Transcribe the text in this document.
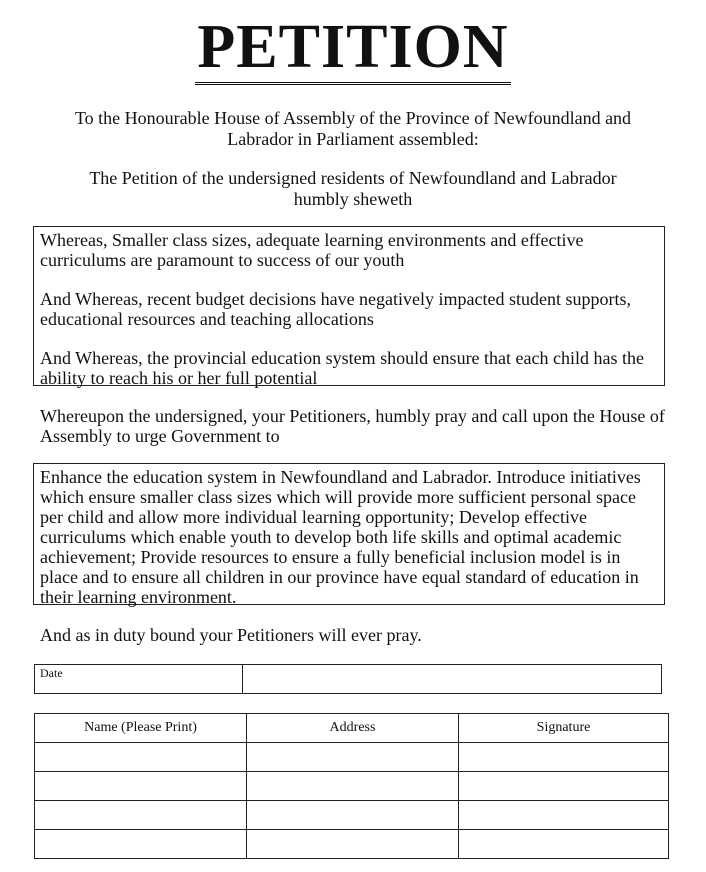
PETITION
To the Honourable House of Assembly of the Province of Newfoundland and
Labrador in Parliament assembled:
The Petition of the undersigned residents of Newfoundland and Labrador
humbly sheweth

Whereas, Smaller class sizes, adequate learning environments and effective curriculums are paramount to success of our youth

And Whereas, recent budget decisions have negatively impacted student supports, educational resources and teaching allocations

And Whereas, the provincial education system should ensure that each child has the ability to reach his or her full potential

Whereupon the undersigned, your Petitioners, humbly pray and call upon the House of Assembly to urge Government to
Enhance the education system in Newfoundland and Labrador. Introduce initiatives which ensure smaller class sizes which will provide more sufficient personal space per child and allow more individual learning opportunity; Develop effective curriculums which enable youth to develop both life skills and optimal academic achievement; Provide resources to ensure a fully beneficial inclusion model is in place and to ensure all children in our province have equal standard of education in their learning environment.
And as in duty bound your Petitioners will ever pray.
Date
Name (Please Print)	Address	Signature
